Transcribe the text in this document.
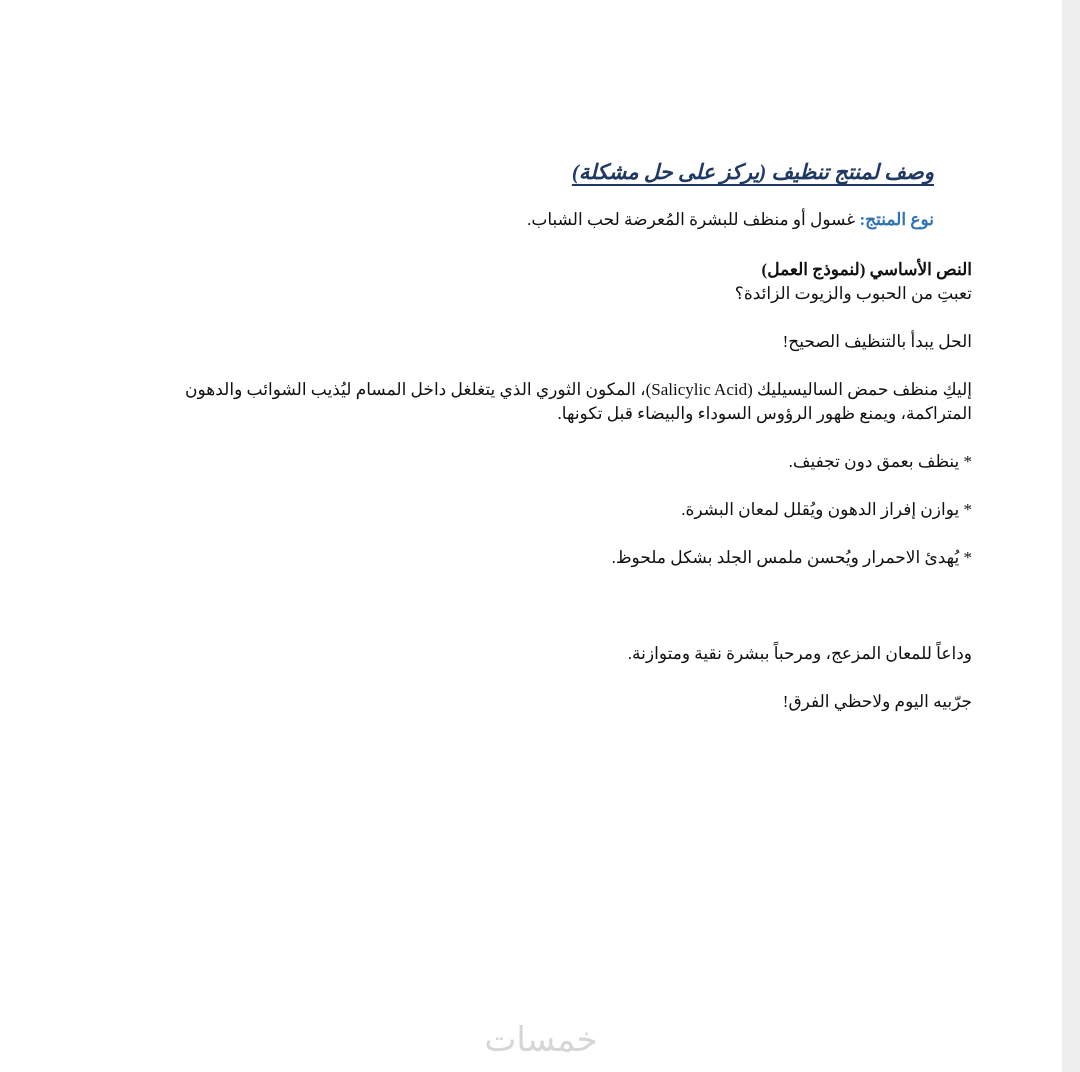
وصف لمنتج تنظيف (يركز على حل مشكلة)

نوع المنتج: غسول أو منظف للبشرة المُعرضة لحب الشباب.

النص الأساسي (لنموذج العمل)

تعبتِ من الحبوب والزيوت الزائدة؟

الحل يبدأ بالتنظيف الصحيح!

إليكِ منظف حمض الساليسيليك (Salicylic Acid)، المكون الثوري الذي يتغلغل داخل المسام ليُذيب الشوائب والدهون المتراكمة، ويمنع ظهور الرؤوس السوداء والبيضاء قبل تكونها.

* ينظف بعمق دون تجفيف.

* يوازن إفراز الدهون ويُقلل لمعان البشرة.

* يُهدئ الاحمرار ويُحسن ملمس الجلد بشكل ملحوظ.

وداعاً للمعان المزعج، ومرحباً ببشرة نقية ومتوازنة.

جرّبيه اليوم ولاحظي الفرق!

خمسات
